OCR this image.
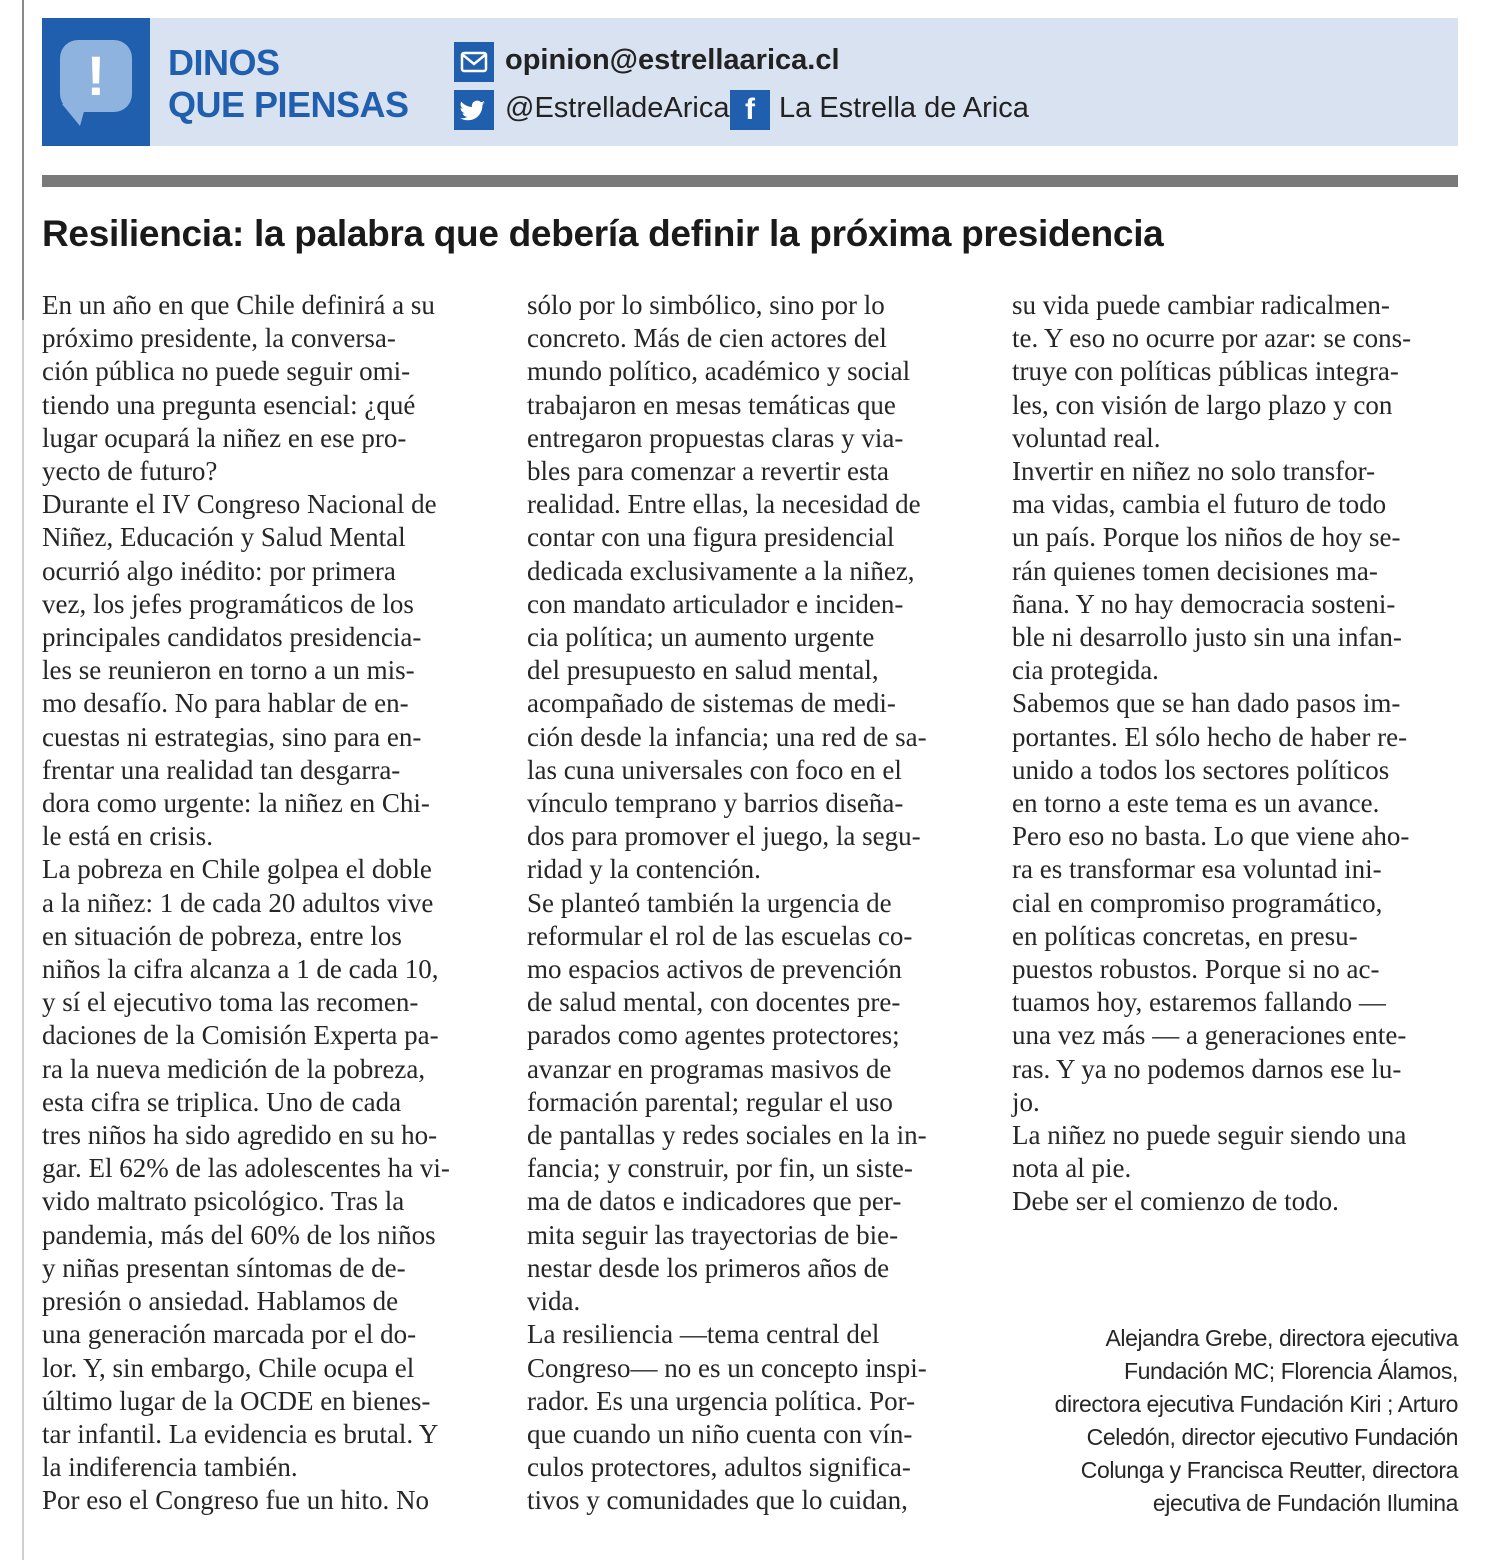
!	DINOS
QUE PIENSAS
opinion@estrellaarica.cl
@EstrelladeArica f La Estrella de Arica
Resiliencia: la palabra que debería definir la próxima presidencia
En un año en que Chile definirá a su
próximo presidente, la conversa-
ción pública no puede seguir omi-
tiendo una pregunta esencial: ¿qué
lugar ocupará la niñez en ese pro-
yecto de futuro?
Durante el IV Congreso Nacional de
Niñez, Educación y Salud Mental
ocurrió algo inédito: por primera
vez, los jefes programáticos de los
principales candidatos presidencia-
les se reunieron en torno a un mis-
mo desafío. No para hablar de en-
cuestas ni estrategias, sino para en-
frentar una realidad tan desgarra-
dora como urgente: la niñez en Chi-
le está en crisis.
La pobreza en Chile golpea el doble
a la niñez: 1 de cada 20 adultos vive
en situación de pobreza, entre los
niños la cifra alcanza a 1 de cada 10,
y sí el ejecutivo toma las recomen-
daciones de la Comisión Experta pa-
ra la nueva medición de la pobreza,
esta cifra se triplica. Uno de cada
tres niños ha sido agredido en su ho-
gar. El 62% de las adolescentes ha vi-
vido maltrato psicológico. Tras la
pandemia, más del 60% de los niños
y niñas presentan síntomas de de-
presión o ansiedad. Hablamos de
una generación marcada por el do-
lor. Y, sin embargo, Chile ocupa el
último lugar de la OCDE en bienes-
tar infantil. La evidencia es brutal. Y
la indiferencia también.
Por eso el Congreso fue un hito. No
sólo por lo simbólico, sino por lo
concreto. Más de cien actores del
mundo político, académico y social
trabajaron en mesas temáticas que
entregaron propuestas claras y via-
bles para comenzar a revertir esta
realidad. Entre ellas, la necesidad de
contar con una figura presidencial
dedicada exclusivamente a la niñez,
con mandato articulador e inciden-
cia política; un aumento urgente
del presupuesto en salud mental,
acompañado de sistemas de medi-
ción desde la infancia; una red de sa-
las cuna universales con foco en el
vínculo temprano y barrios diseña-
dos para promover el juego, la segu-
ridad y la contención.
Se planteó también la urgencia de
reformular el rol de las escuelas co-
mo espacios activos de prevención
de salud mental, con docentes pre-
parados como agentes protectores;
avanzar en programas masivos de
formación parental; regular el uso
de pantallas y redes sociales en la in-
fancia; y construir, por fin, un siste-
ma de datos e indicadores que per-
mita seguir las trayectorias de bie-
nestar desde los primeros años de
vida.
La resiliencia —tema central del
Congreso— no es un concepto inspi-
rador. Es una urgencia política. Por-
que cuando un niño cuenta con vín-
culos protectores, adultos significa-
tivos y comunidades que lo cuidan,
su vida puede cambiar radicalmen-
te. Y eso no ocurre por azar: se cons-
truye con políticas públicas integra-
les, con visión de largo plazo y con
voluntad real.
Invertir en niñez no solo transfor-
ma vidas, cambia el futuro de todo
un país. Porque los niños de hoy se-
rán quienes tomen decisiones ma-
ñana. Y no hay democracia sosteni-
ble ni desarrollo justo sin una infan-
cia protegida.
Sabemos que se han dado pasos im-
portantes. El sólo hecho de haber re-
unido a todos los sectores políticos
en torno a este tema es un avance.
Pero eso no basta. Lo que viene aho-
ra es transformar esa voluntad ini-
cial en compromiso programático,
en políticas concretas, en presu-
puestos robustos. Porque si no ac-
tuamos hoy, estaremos fallando —
una vez más — a generaciones ente-
ras. Y ya no podemos darnos ese lu-
jo.
La niñez no puede seguir siendo una
nota al pie.
Debe ser el comienzo de todo.
Alejandra Grebe, directora ejecutiva
Fundación MC; Florencia Álamos,
directora ejecutiva Fundación Kiri ; Arturo
Celedón, director ejecutivo Fundación
Colunga y Francisca Reutter, directora
ejecutiva de Fundación Ilumina
